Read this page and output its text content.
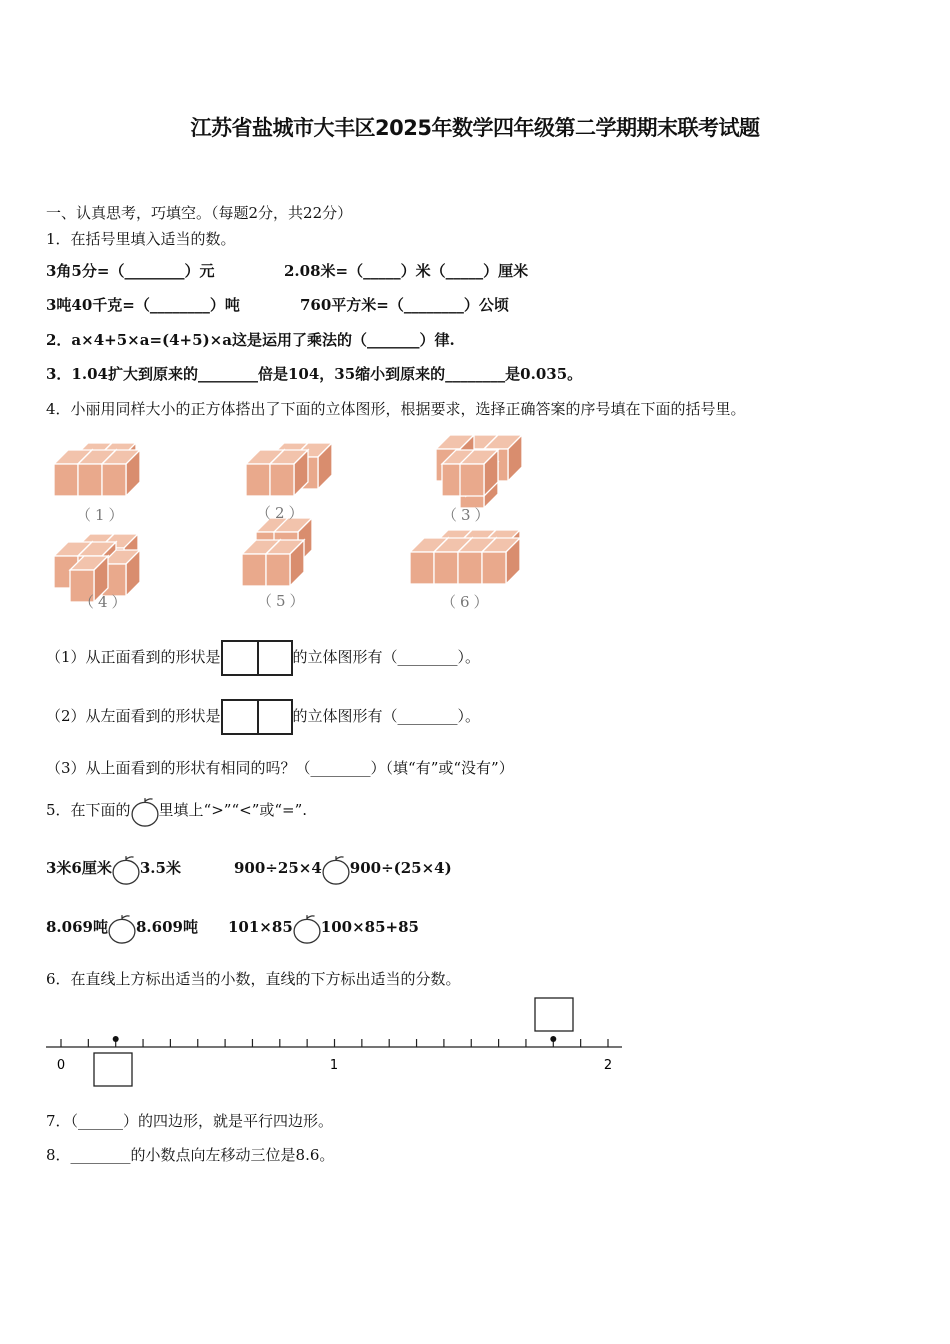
江苏省盐城市大丰区2025年数学四年级第二学期期末联考试题
一、认真思考，巧填空。（每题2分，共22分）
1．在括号里填入适当的数。
3角5分=（________）元	2.08米=（_____）米（_____）厘米
3吨40千克=（________）吨	760平方米=（________）公顷
2．a×4+5×a=(4+5)×a这是运用了乘法的（_______）律.
3．1.04扩大到原来的________倍是104，35缩小到原来的________是0.035。
4．小丽用同样大小的正方体搭出了下面的立体图形，根据要求，选择正确答案的序号填在下面的括号里。
（1）	（2）	（3）
（4）	（5）	（6）
（1）从正面看到的形状是	的立体图形有（________）。
（2）从左面看到的形状是	的立体图形有（________）。
（3）从上面看到的形状有相同的吗？（________）（填“有”或“没有”）
5．在下面的 里填上“>”“<”或“=”.
3米6厘米 3.5米	900÷25×4 900÷(25×4)
8.069吨 8.609吨 101×85 100×85+85
6．在直线上方标出适当的小数，直线的下方标出适当的分数。
0	1	2
7．（______）的四边形，就是平行四边形。
8．________的小数点向左移动三位是8.6。
